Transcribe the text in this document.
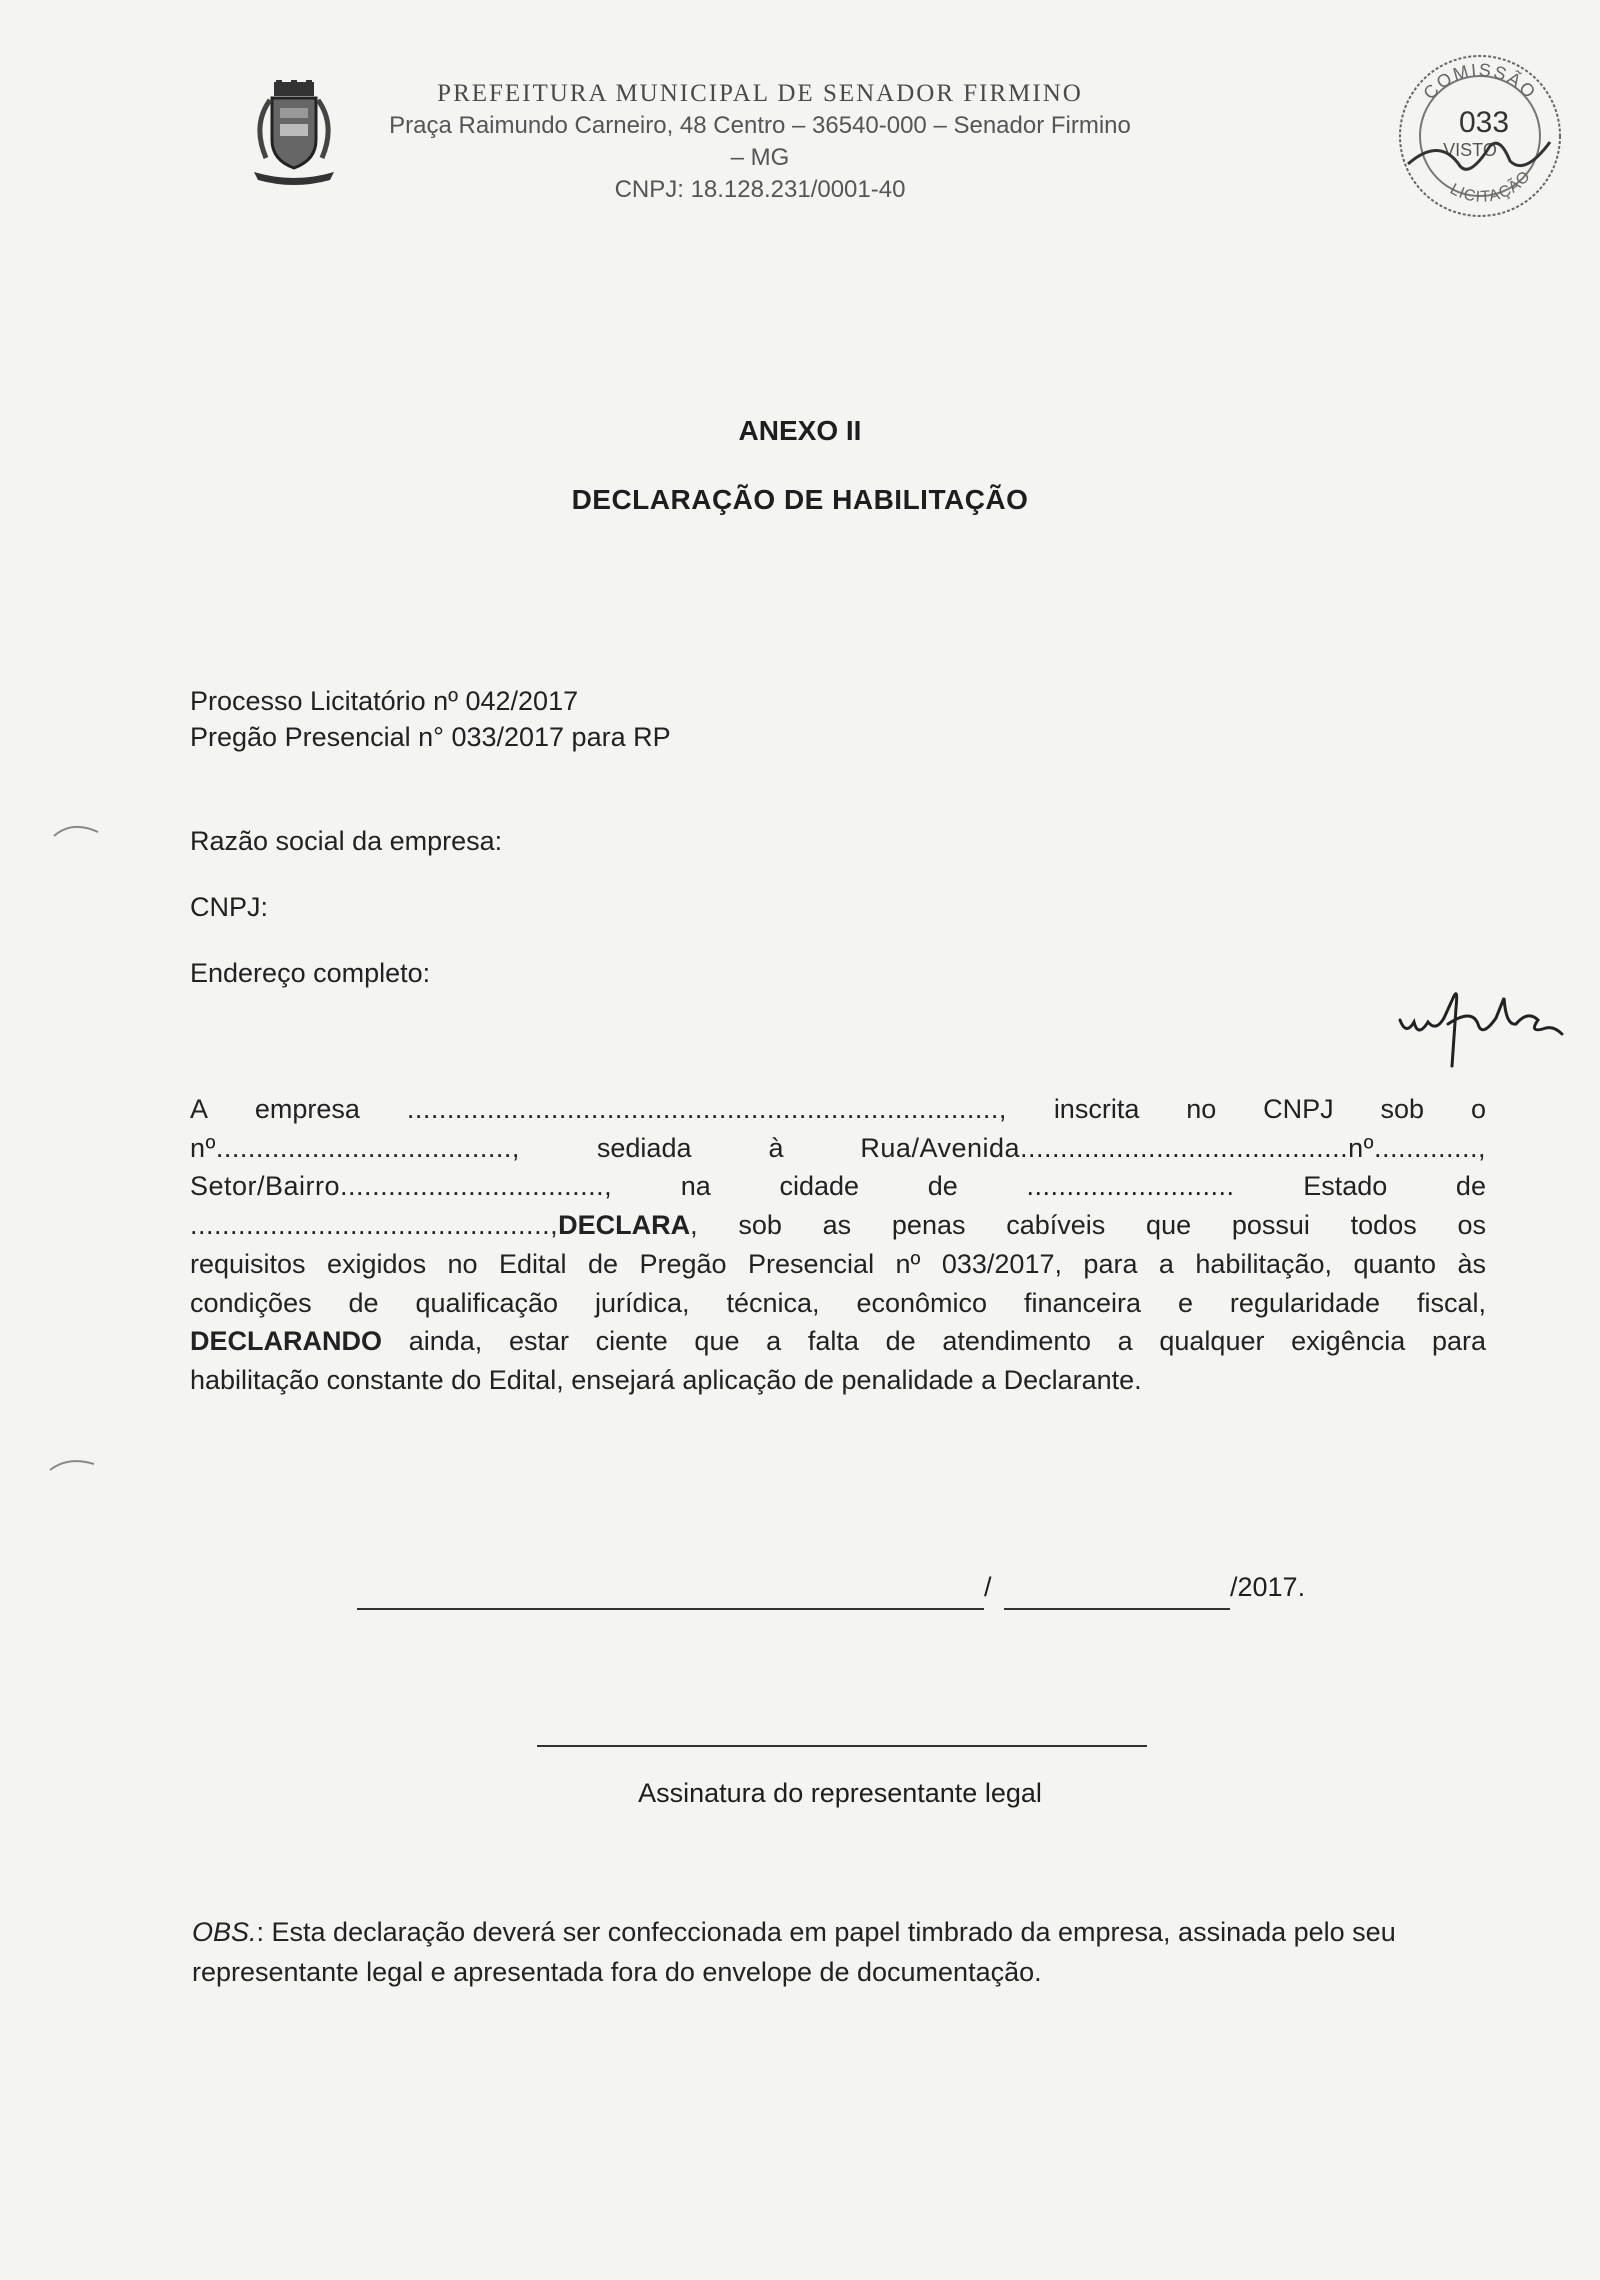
PREFEITURA MUNICIPAL DE SENADOR FIRMINO
Praça Raimundo Carneiro, 48 Centro – 36540-000 – Senador Firmino – MG
CNPJ: 18.128.231/0001-40
COMISSÃO
033
VISTO
LICITAÇÃO
ANEXO II
DECLARAÇÃO DE HABILITAÇÃO
Processo Licitatório nº 042/2017
Pregão Presencial n° 033/2017 para RP
Razão social da empresa:
CNPJ:
Endereço completo:
A empresa .........................................................................., inscrita no CNPJ sob o
nº.....................................,	sediada	à	Rua/Avenida.........................................nº.............,
Setor/Bairro.................................,	na	cidade	de	..........................	Estado	de
.............................................,DECLARA, sob as penas cabíveis que possui todos os
requisitos exigidos no Edital de Pregão Presencial nº 033/2017, para a habilitação, quanto às
condições de qualificação jurídica, técnica, econômico financeira e regularidade fiscal,
DECLARANDO ainda, estar ciente que a falta de atendimento a qualquer exigência para
habilitação constante do Edital, ensejará aplicação de penalidade a Declarante.
/	/2017.
Assinatura do representante legal
OBS.: Esta declaração deverá ser confeccionada em papel timbrado da empresa, assinada pelo seu representante legal e apresentada fora do envelope de documentação.
